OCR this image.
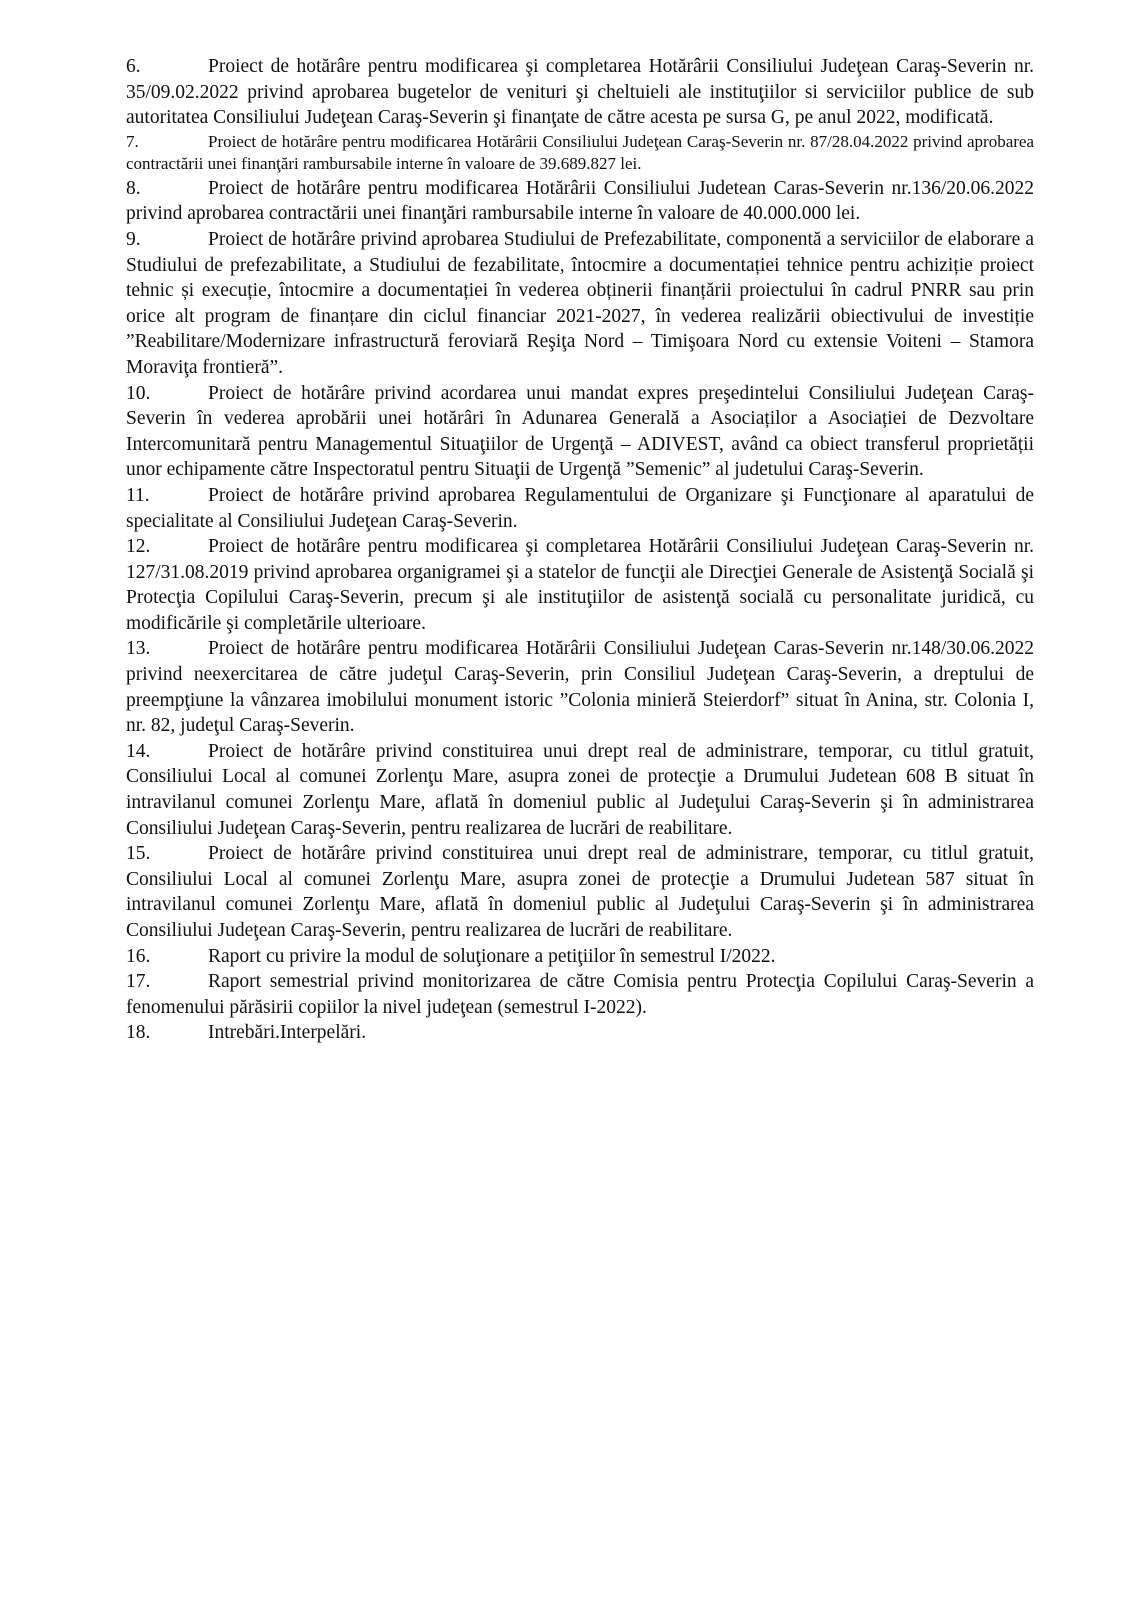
6.	Proiect de hotărâre pentru modificarea şi completarea Hotărârii Consiliului Judeţean Caraş-Severin nr. 35/09.02.2022 privind aprobarea bugetelor de venituri şi cheltuieli ale instituţiilor si serviciilor publice de sub autoritatea Consiliului Judeţean Caraş-Severin şi finanţate de către acesta pe sursa G, pe anul 2022, modificată.

7.	Proiect de hotărâre pentru modificarea Hotărârii Consiliului Judeţean Caraş-Severin nr. 87/28.04.2022 privind aprobarea contractării unei finanţări rambursabile interne în valoare de 39.689.827 lei.

8.	Proiect de hotărâre pentru modificarea Hotărârii Consiliului Judetean Caras-Severin nr.136/20.06.2022 privind aprobarea contractării unei finanţări rambursabile interne în valoare de 40.000.000 lei.

9.	Proiect de hotărâre privind aprobarea Studiului de Prefezabilitate, componentă a serviciilor de elaborare a Studiului de prefezabilitate, a Studiului de fezabilitate, întocmire a documentației tehnice pentru achiziție proiect tehnic și execuție, întocmire a documentației în vederea obținerii finanțării proiectului în cadrul PNRR sau prin orice alt program de finanțare din ciclul financiar 2021-2027, în vederea realizării obiectivului de investiție ”Reabilitare/Modernizare infrastructură feroviară Reşiţa Nord – Timişoara Nord cu extensie Voiteni – Stamora Moraviţa frontieră”.

10.	Proiect de hotărâre privind acordarea unui mandat expres preşedintelui Consiliului Judeţean Caraş-Severin în vederea aprobării unei hotărâri în Adunarea Generală a Asociaților a Asociației de Dezvoltare Intercomunitară pentru Managementul Situaţiilor de Urgenţă – ADIVEST, având ca obiect transferul proprietății unor echipamente către Inspectoratul pentru Situaţii de Urgenţă ”Semenic” al judetului Caraş-Severin.

11.	Proiect de hotărâre privind aprobarea Regulamentului de Organizare şi Funcţionare al aparatului de specialitate al Consiliului Judeţean Caraş-Severin.

12.	Proiect de hotărâre pentru modificarea şi completarea Hotărârii Consiliului Judeţean Caraş-Severin nr. 127/31.08.2019 privind aprobarea organigramei şi a statelor de funcţii ale Direcţiei Generale de Asistenţă Socială şi Protecţia Copilului Caraş-Severin, precum şi ale instituţiilor de asistenţă socială cu personalitate juridică, cu modificările şi completările ulterioare.

13.	Proiect de hotărâre pentru modificarea Hotărârii Consiliului Judeţean Caras-Severin nr.148/30.06.2022 privind neexercitarea de către judeţul Caraş-Severin, prin Consiliul Judeţean Caraş-Severin, a dreptului de preempţiune la vânzarea imobilului monument istoric ”Colonia minieră Steierdorf” situat în Anina, str. Colonia I, nr. 82, judeţul Caraş-Severin.

14.	Proiect de hotărâre privind constituirea unui drept real de administrare, temporar, cu titlul gratuit, Consiliului Local al comunei Zorlenţu Mare, asupra zonei de protecţie a Drumului Judetean 608 B situat în intravilanul comunei Zorlenţu Mare, aflată în domeniul public al Judeţului Caraş-Severin şi în administrarea Consiliului Judeţean Caraş-Severin, pentru realizarea de lucrări de reabilitare.

15.	Proiect de hotărâre privind constituirea unui drept real de administrare, temporar, cu titlul gratuit, Consiliului Local al comunei Zorlenţu Mare, asupra zonei de protecţie a Drumului Judetean 587 situat în intravilanul comunei Zorlenţu Mare, aflată în domeniul public al Judeţului Caraş-Severin şi în administrarea Consiliului Judeţean Caraş-Severin, pentru realizarea de lucrări de reabilitare.

16.	Raport cu privire la modul de soluţionare a petiţiilor în semestrul I/2022.

17.	Raport semestrial privind monitorizarea de către Comisia pentru Protecţia Copilului Caraş-Severin a fenomenului părăsirii copiilor la nivel judeţean (semestrul I-2022).

18.	Intrebări.Interpelări.
